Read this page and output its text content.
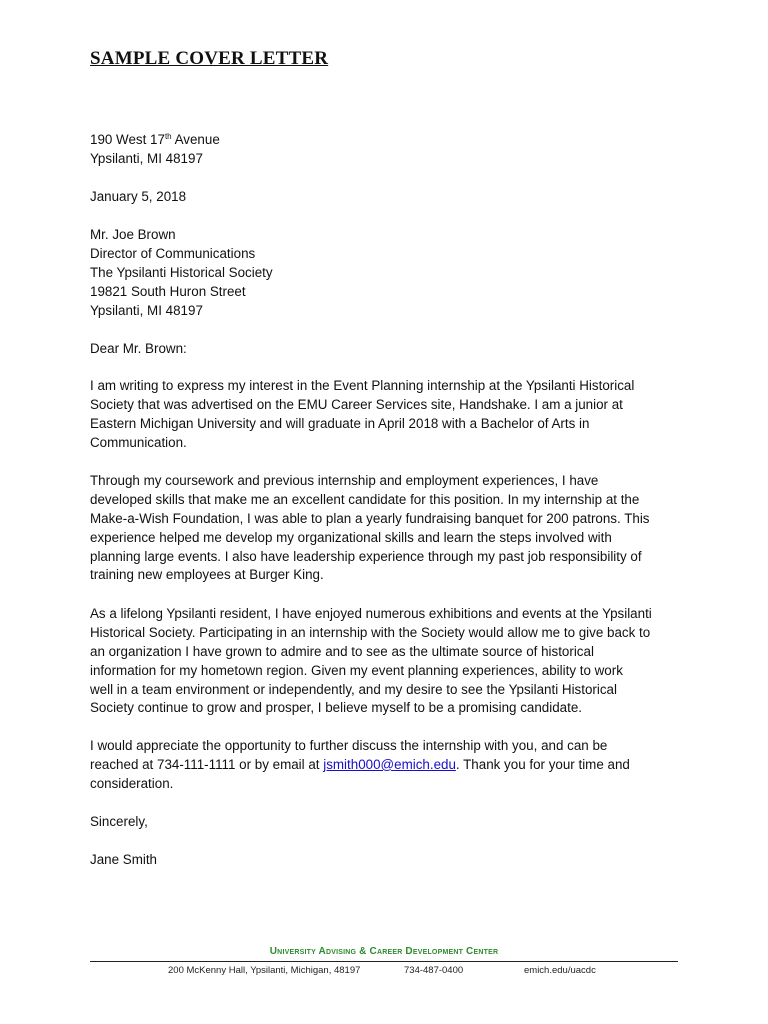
SAMPLE COVER LETTER
190 West 17th Avenue
Ypsilanti, MI 48197
January 5, 2018
Mr. Joe Brown
Director of Communications
The Ypsilanti Historical Society
19821 South Huron Street
Ypsilanti, MI 48197
Dear Mr. Brown:
I am writing to express my interest in the Event Planning internship at the Ypsilanti Historical
Society that was advertised on the EMU Career Services site, Handshake. I am a junior at
Eastern Michigan University and will graduate in April 2018 with a Bachelor of Arts in
Communication.
Through my coursework and previous internship and employment experiences, I have
developed skills that make me an excellent candidate for this position. In my internship at the
Make-a-Wish Foundation, I was able to plan a yearly fundraising banquet for 200 patrons. This
experience helped me develop my organizational skills and learn the steps involved with
planning large events. I also have leadership experience through my past job responsibility of
training new employees at Burger King.
As a lifelong Ypsilanti resident, I have enjoyed numerous exhibitions and events at the Ypsilanti
Historical Society. Participating in an internship with the Society would allow me to give back to
an organization I have grown to admire and to see as the ultimate source of historical
information for my hometown region. Given my event planning experiences, ability to work
well in a team environment or independently, and my desire to see the Ypsilanti Historical
Society continue to grow and prosper, I believe myself to be a promising candidate.
I would appreciate the opportunity to further discuss the internship with you, and can be
reached at 734-111-1111 or by email at jsmith000@emich.edu. Thank you for your time and
consideration.
Sincerely,
Jane Smith
University Advising & Career Development Center
200 McKenny Hall, Ypsilanti, Michigan, 48197	734-487-0400	emich.edu/uacdc
